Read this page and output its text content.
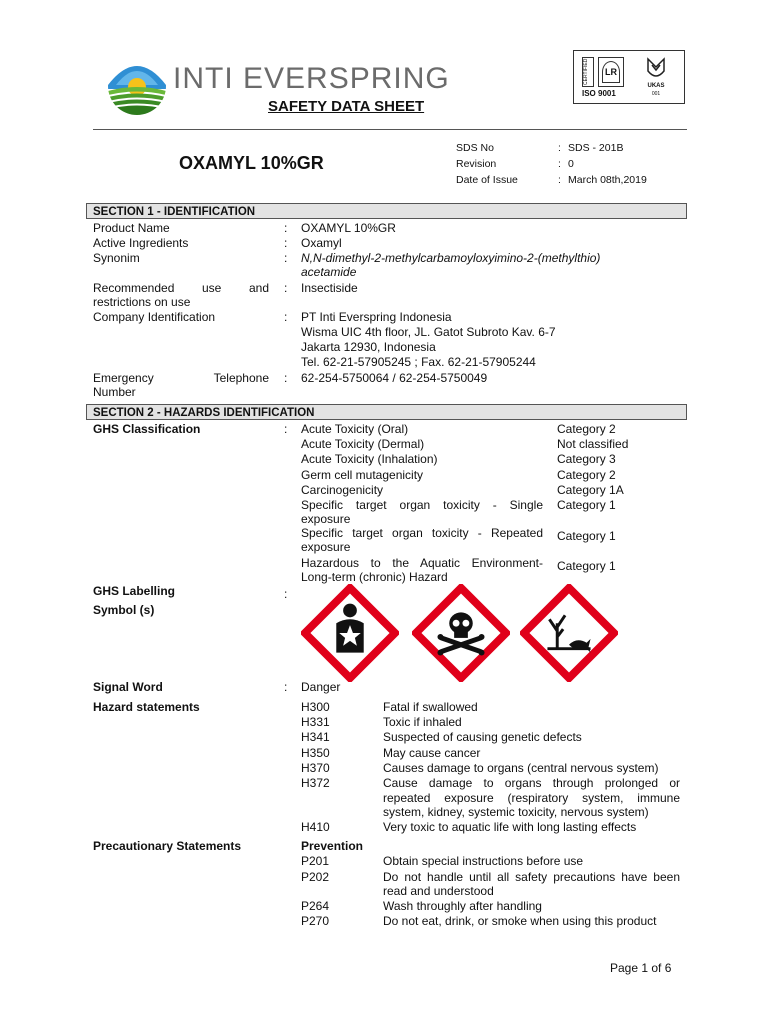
INTI EVERSPRING
SAFETY DATA SHEET
CERTIFIED	LR
ISO 9001
UKAS
001
OXAMYL 10%GR
SDS No	: SDS - 201B
Revision	: 0
Date of Issue	: March 08th,2019
SECTION 1 - IDENTIFICATION
Product Name	: OXAMYL 10%GR
Active Ingredients	: Oxamyl
Synonim	: N,N-dimethyl-2-methylcarbamoyloxyimino-2-(methylthio)
acetamide
Recommended use and
restrictions on use
: Insectiside
Company Identification	: PT Inti Everspring Indonesia
Wisma UIC 4th floor, JL. Gatot Subroto Kav. 6-7
Jakarta 12930, Indonesia
Tel. 62-21-57905245 ; Fax. 62-21-57905244
Emergency Telephone
Number
: 62-254-5750064 / 62-254-5750049
SECTION 2 - HAZARDS IDENTIFICATION
GHS Classification	: Acute Toxicity (Oral)	Category 2
Acute Toxicity (Dermal)	Not classified
Acute Toxicity (Inhalation)	Category 3
Germ cell mutagenicity	Category 2
Carcinogenicity	Category 1A
Specific target organ toxicity - Single
exposure
Category 1
Specific target organ toxicity - Repeated
exposure
Category 1
Hazardous to the Aquatic Environment-
Long-term (chronic) Hazard
Category 1
GHS Labelling	:
Symbol (s)
Signal Word	: Danger
Hazard statements	H300	Fatal if swallowed
H331	Toxic if inhaled
H341	Suspected of causing genetic defects
H350	May cause cancer
H370	Causes damage to organs (central nervous system)
H372	Cause damage to organs through prolonged or
repeated exposure (respiratory system, immune
system, kidney, systemic toxicity, nervous system)
H410	Very toxic to aquatic life with long lasting effects
Precautionary Statements	Prevention
P201	Obtain special instructions before use
P202	Do not handle until all safety precautions have been
read and understood
P264	Wash throughly after handling
P270	Do not eat, drink, or smoke when using this product
Page 1 of 6
